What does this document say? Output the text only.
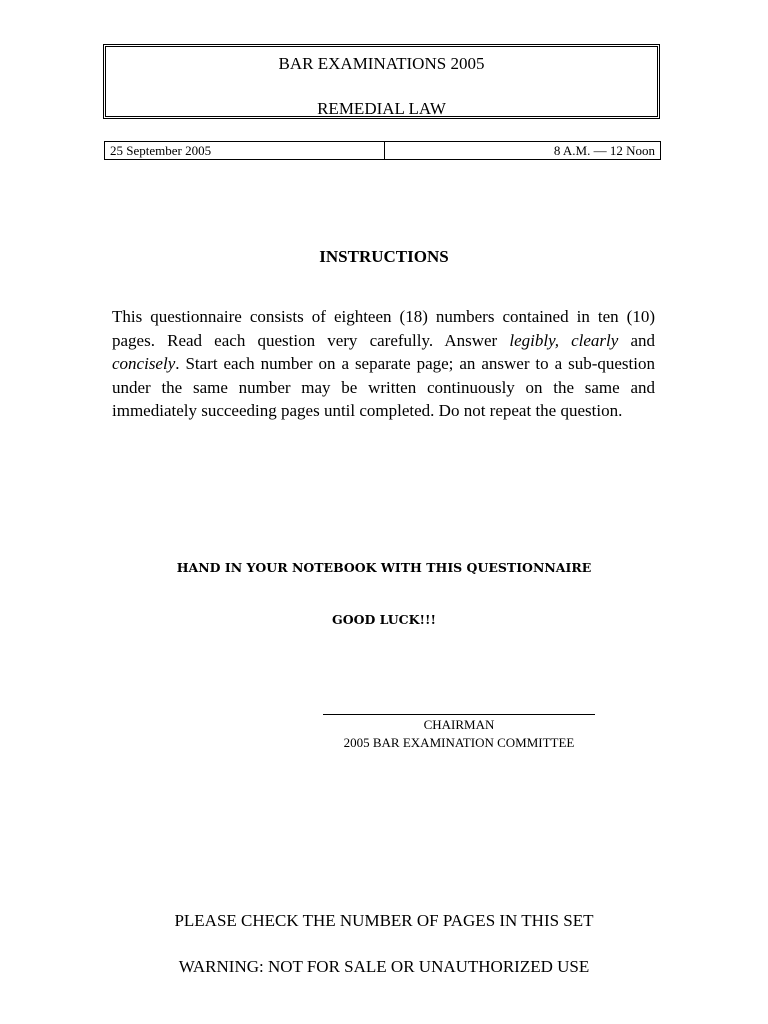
BAR EXAMINATIONS 2005
REMEDIAL LAW
25 September 2005	8 A.M. — 12 Noon
INSTRUCTIONS
This questionnaire consists of eighteen (18) numbers contained in ten (10) pages. Read each question very carefully. Answer legibly, clearly and concisely. Start each number on a separate page; an answer to a sub-question under the same number may be written continuously on the same and immediately succeeding pages until completed. Do not repeat the question.
HAND IN YOUR NOTEBOOK WITH THIS QUESTIONNAIRE
GOOD LUCK!!!
CHAIRMAN
2005 BAR EXAMINATION COMMITTEE
PLEASE CHECK THE NUMBER OF PAGES IN THIS SET
WARNING: NOT FOR SALE OR UNAUTHORIZED USE
